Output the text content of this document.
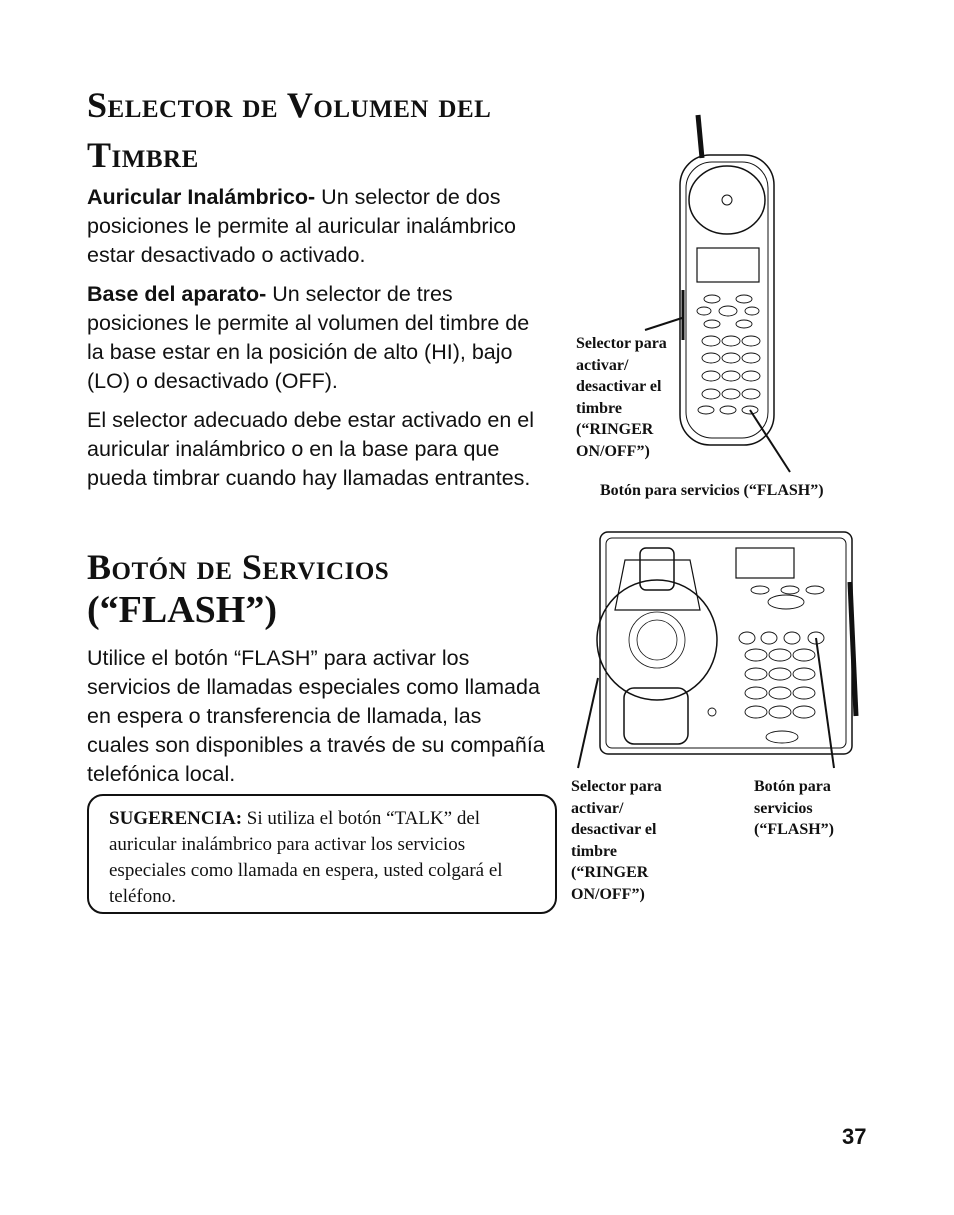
Selector de Volumen del
Timbre

Auricular Inalámbrico- Un selector de dos posiciones le permite al auricular inalámbrico estar desactivado o activado.

Base del aparato- Un selector de tres posiciones le permite al volumen del timbre de la base estar en la posición de alto (HI), bajo (LO) o desactivado (OFF).

El selector adecuado debe estar activado en el auricular inalámbrico o en la base para que pueda timbrar cuando hay llamadas entrantes.

Botón de Servicios
(“FLASH”)

Utilice el botón “FLASH” para activar los servicios de llamadas especiales como llamada en espera o transferencia de llamada, las cuales son disponibles a través de su compañía telefónica local.

SUGERENCIA: Si utiliza el botón “TALK” del auricular inalámbrico para activar los servicios especiales como llamada en espera, usted colgará el teléfono.

Selector para activar/ desactivar el timbre (“RINGER ON/OFF”)

Botón para servicios (“FLASH”)

Selector para activar/ desactivar el timbre (“RINGER ON/OFF”)

Botón para servicios (“FLASH”)

37
